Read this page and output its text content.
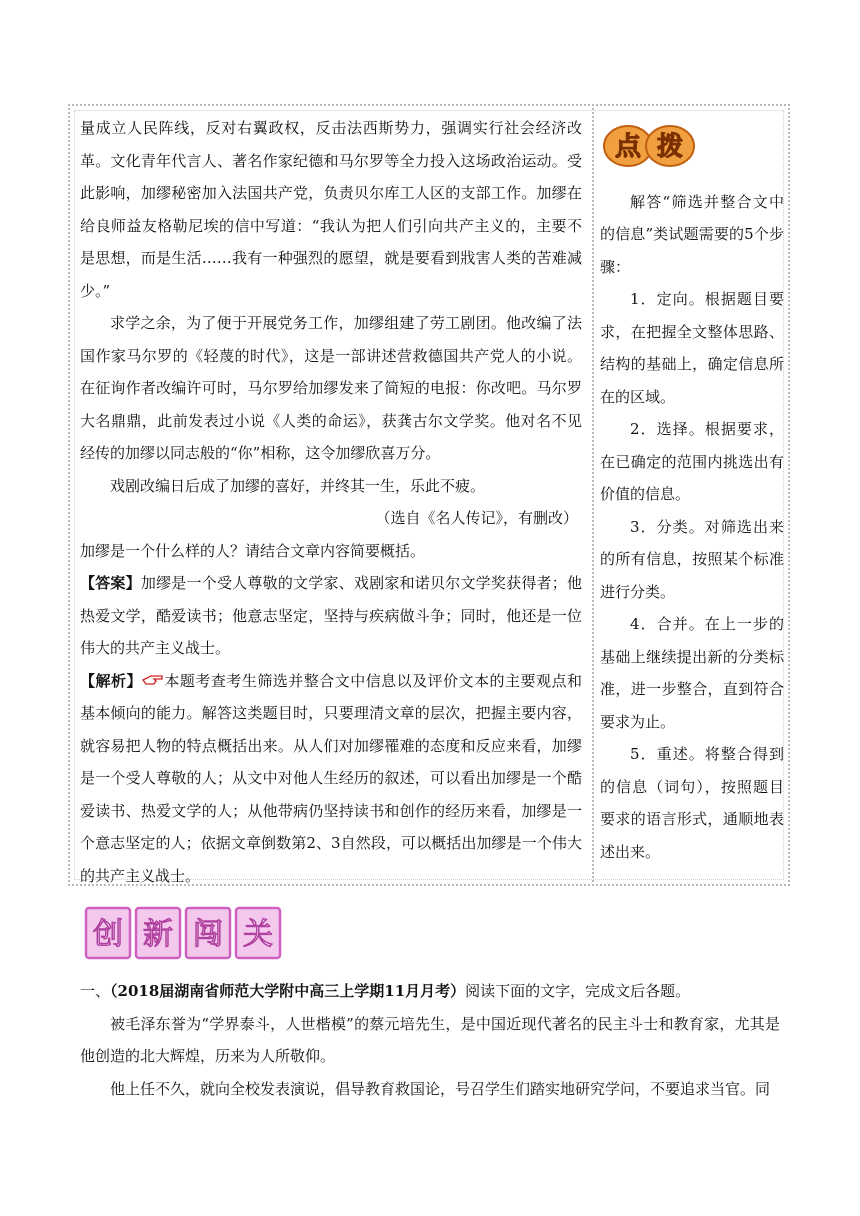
量成立人民阵线，反对右翼政权，反击法西斯势力，强调实行社会经济改革。文化青年代言人、著名作家纪德和马尔罗等全力投入这场政治运动。受此影响，加缪秘密加入法国共产党，负责贝尔库工人区的支部工作。加缪在给良师益友格勒尼埃的信中写道：“我认为把人们引向共产主义的，主要不是思想，而是生活……我有一种强烈的愿望，就是要看到戕害人类的苦难减少。”

求学之余，为了便于开展党务工作，加缪组建了劳工剧团。他改编了法国作家马尔罗的《轻蔑的时代》，这是一部讲述营救德国共产党人的小说。在征询作者改编许可时，马尔罗给加缪发来了简短的电报：你改吧。马尔罗大名鼎鼎，此前发表过小说《人类的命运》，获龚古尔文学奖。他对名不见经传的加缪以同志般的“你”相称，这令加缪欣喜万分。

戏剧改编日后成了加缪的喜好，并终其一生，乐此不疲。

（选自《名人传记》，有删改）

加缪是一个什么样的人？请结合文章内容简要概括。

【答案】加缪是一个受人尊敬的文学家、戏剧家和诺贝尔文学奖获得者；他热爱文学，酷爱读书；他意志坚定，坚持与疾病做斗争；同时，他还是一位伟大的共产主义战士。

【解析】 本题考查考生筛选并整合文中信息以及评价文本的主要观点和基本倾向的能力。解答这类题目时，只要理清文章的层次，把握主要内容，就容易把人物的特点概括出来。从人们对加缪罹难的态度和反应来看，加缪是一个受人尊敬的人；从文中对他人生经历的叙述，可以看出加缪是一个酷爱读书、热爱文学的人；从他带病仍坚持读书和创作的经历来看，加缪是一个意志坚定的人；依据文章倒数第2、3自然段，可以概括出加缪是一个伟大的共产主义战士。

点 拨

解答“筛选并整合文中的信息”类试题需要的5个步骤：

1．定向。根据题目要求，在把握全文整体思路、结构的基础上，确定信息所在的区域。

2．选择。根据要求，在已确定的范围内挑选出有价值的信息。

3．分类。对筛选出来的所有信息，按照某个标准进行分类。

4．合并。在上一步的基础上继续提出新的分类标准，进一步整合，直到符合要求为止。

5．重述。将整合得到的信息（词句），按照题目要求的语言形式，通顺地表述出来。

创 新 闯 关

一、（2018届湖南省师范大学附中高三上学期11月月考）阅读下面的文字，完成文后各题。

被毛泽东誉为“学界泰斗，人世楷模”的蔡元培先生，是中国近现代著名的民主斗士和教育家，尤其是他创造的北大辉煌，历来为人所敬仰。

他上任不久，就向全校发表演说，倡导教育救国论，号召学生们踏实地研究学问，不要追求当官。同
